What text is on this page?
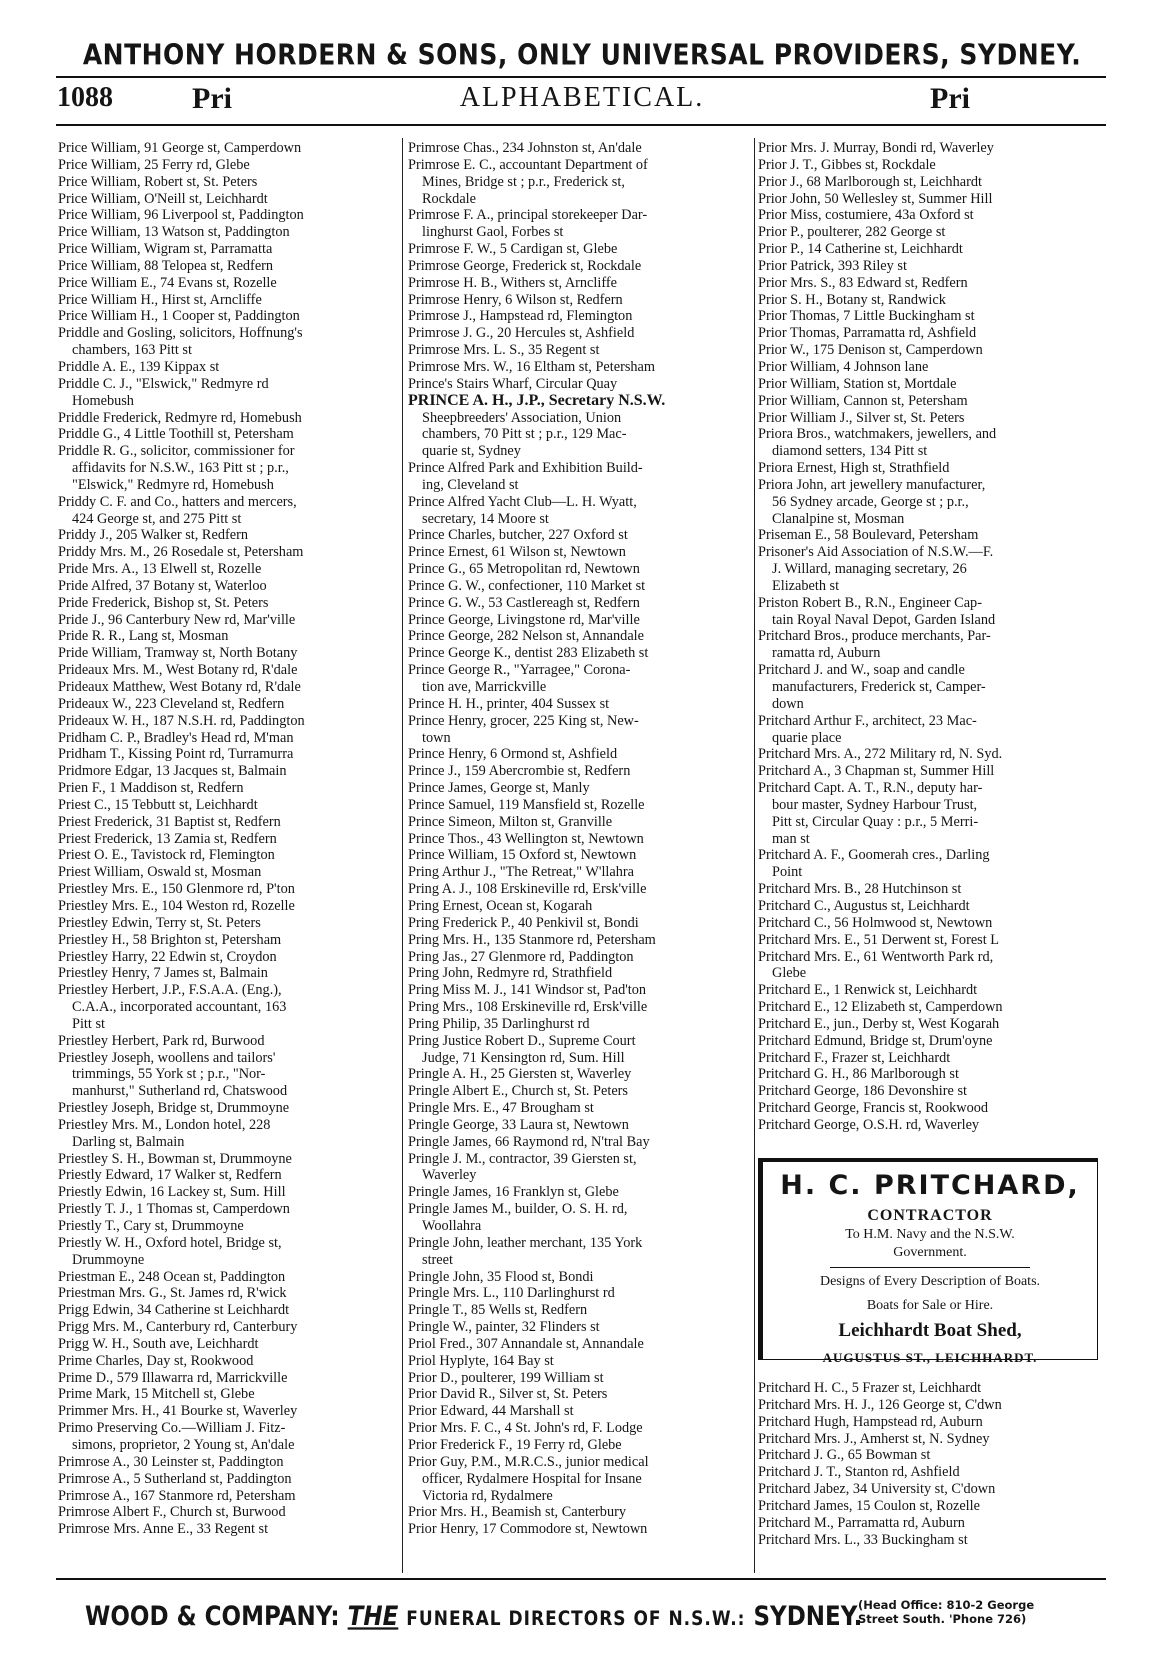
ANTHONY HORDERN & SONS, ONLY UNIVERSAL PROVIDERS, SYDNEY.
1088	Pri	ALPHABETICAL.	Pri
Price William, 91 George st, Camperdown
Price William, 25 Ferry rd, Glebe
Price William, Robert st, St. Peters
Price William, O'Neill st, Leichhardt
Price William, 96 Liverpool st, Paddington
Price William, 13 Watson st, Paddington
Price William, Wigram st, Parramatta
Price William, 88 Telopea st, Redfern
Price William E., 74 Evans st, Rozelle
Price William H., Hirst st, Arncliffe
Price William H., 1 Cooper st, Paddington
Priddle and Gosling, solicitors, Hoffnung's
chambers, 163 Pitt st
Priddle A. E., 139 Kippax st
Priddle C. J., "Elswick," Redmyre rd
Homebush
Priddle Frederick, Redmyre rd, Homebush
Priddle G., 4 Little Toothill st, Petersham
Priddle R. G., solicitor, commissioner for
affidavits for N.S.W., 163 Pitt st ; p.r.,
"Elswick," Redmyre rd, Homebush
Priddy C. F. and Co., hatters and mercers,
424 George st, and 275 Pitt st
Priddy J., 205 Walker st, Redfern
Priddy Mrs. M., 26 Rosedale st, Petersham
Pride Mrs. A., 13 Elwell st, Rozelle
Pride Alfred, 37 Botany st, Waterloo
Pride Frederick, Bishop st, St. Peters
Pride J., 96 Canterbury New rd, Mar'ville
Pride R. R., Lang st, Mosman
Pride William, Tramway st, North Botany
Prideaux Mrs. M., West Botany rd, R'dale
Prideaux Matthew, West Botany rd, R'dale
Prideaux W., 223 Cleveland st, Redfern
Prideaux W. H., 187 N.S.H. rd, Paddington
Pridham C. P., Bradley's Head rd, M'man
Pridham T., Kissing Point rd, Turramurra
Pridmore Edgar, 13 Jacques st, Balmain
Prien F., 1 Maddison st, Redfern
Priest C., 15 Tebbutt st, Leichhardt
Priest Frederick, 31 Baptist st, Redfern
Priest Frederick, 13 Zamia st, Redfern
Priest O. E., Tavistock rd, Flemington
Priest William, Oswald st, Mosman
Priestley Mrs. E., 150 Glenmore rd, P'ton
Priestley Mrs. E., 104 Weston rd, Rozelle
Priestley Edwin, Terry st, St. Peters
Priestley H., 58 Brighton st, Petersham
Priestley Harry, 22 Edwin st, Croydon
Priestley Henry, 7 James st, Balmain
Priestley Herbert, J.P., F.S.A.A. (Eng.),
C.A.A., incorporated accountant, 163
Pitt st
Priestley Herbert, Park rd, Burwood
Priestley Joseph, woollens and tailors'
trimmings, 55 York st ; p.r., "Nor-
manhurst," Sutherland rd, Chatswood
Priestley Joseph, Bridge st, Drummoyne
Priestley Mrs. M., London hotel, 228
Darling st, Balmain
Priestley S. H., Bowman st, Drummoyne
Priestly Edward, 17 Walker st, Redfern
Priestly Edwin, 16 Lackey st, Sum. Hill
Priestly T. J., 1 Thomas st, Camperdown
Priestly T., Cary st, Drummoyne
Priestly W. H., Oxford hotel, Bridge st,
Drummoyne
Priestman E., 248 Ocean st, Paddington
Priestman Mrs. G., St. James rd, R'wick
Prigg Edwin, 34 Catherine st Leichhardt
Prigg Mrs. M., Canterbury rd, Canterbury
Prigg W. H., South ave, Leichhardt
Prime Charles, Day st, Rookwood
Prime D., 579 Illawarra rd, Marrickville
Prime Mark, 15 Mitchell st, Glebe
Primmer Mrs. H., 41 Bourke st, Waverley
Primo Preserving Co.—William J. Fitz-
simons, proprietor, 2 Young st, An'dale
Primrose A., 30 Leinster st, Paddington
Primrose A., 5 Sutherland st, Paddington
Primrose A., 167 Stanmore rd, Petersham
Primrose Albert F., Church st, Burwood
Primrose Mrs. Anne E., 33 Regent st
Primrose Chas., 234 Johnston st, An'dale
Primrose E. C., accountant Department of
Mines, Bridge st ; p.r., Frederick st,
Rockdale
Primrose F. A., principal storekeeper Dar-
linghurst Gaol, Forbes st
Primrose F. W., 5 Cardigan st, Glebe
Primrose George, Frederick st, Rockdale
Primrose H. B., Withers st, Arncliffe
Primrose Henry, 6 Wilson st, Redfern
Primrose J., Hampstead rd, Flemington
Primrose J. G., 20 Hercules st, Ashfield
Primrose Mrs. L. S., 35 Regent st
Primrose Mrs. W., 16 Eltham st, Petersham
Prince's Stairs Wharf, Circular Quay
PRINCE A. H., J.P., Secretary N.S.W.
Sheepbreeders' Association, Union
chambers, 70 Pitt st ; p.r., 129 Mac-
quarie st, Sydney
Prince Alfred Park and Exhibition Build-
ing, Cleveland st
Prince Alfred Yacht Club—L. H. Wyatt,
secretary, 14 Moore st
Prince Charles, butcher, 227 Oxford st
Prince Ernest, 61 Wilson st, Newtown
Prince G., 65 Metropolitan rd, Newtown
Prince G. W., confectioner, 110 Market st
Prince G. W., 53 Castlereagh st, Redfern
Prince George, Livingstone rd, Mar'ville
Prince George, 282 Nelson st, Annandale
Prince George K., dentist 283 Elizabeth st
Prince George R., "Yarragee," Corona-
tion ave, Marrickville
Prince H. H., printer, 404 Sussex st
Prince Henry, grocer, 225 King st, New-
town
Prince Henry, 6 Ormond st, Ashfield
Prince J., 159 Abercrombie st, Redfern
Prince James, George st, Manly
Prince Samuel, 119 Mansfield st, Rozelle
Prince Simeon, Milton st, Granville
Prince Thos., 43 Wellington st, Newtown
Prince William, 15 Oxford st, Newtown
Pring Arthur J., "The Retreat," W'llahra
Pring A. J., 108 Erskineville rd, Ersk'ville
Pring Ernest, Ocean st, Kogarah
Pring Frederick P., 40 Penkivil st, Bondi
Pring Mrs. H., 135 Stanmore rd, Petersham
Pring Jas., 27 Glenmore rd, Paddington
Pring John, Redmyre rd, Strathfield
Pring Miss M. J., 141 Windsor st, Pad'ton
Pring Mrs., 108 Erskineville rd, Ersk'ville
Pring Philip, 35 Darlinghurst rd
Pring Justice Robert D., Supreme Court
Judge, 71 Kensington rd, Sum. Hill
Pringle A. H., 25 Giersten st, Waverley
Pringle Albert E., Church st, St. Peters
Pringle Mrs. E., 47 Brougham st
Pringle George, 33 Laura st, Newtown
Pringle James, 66 Raymond rd, N'tral Bay
Pringle J. M., contractor, 39 Giersten st,
Waverley
Pringle James, 16 Franklyn st, Glebe
Pringle James M., builder, O. S. H. rd,
Woollahra
Pringle John, leather merchant, 135 York
street
Pringle John, 35 Flood st, Bondi
Pringle Mrs. L., 110 Darlinghurst rd
Pringle T., 85 Wells st, Redfern
Pringle W., painter, 32 Flinders st
Priol Fred., 307 Annandale st, Annandale
Priol Hyplyte, 164 Bay st
Prior D., poulterer, 199 William st
Prior David R., Silver st, St. Peters
Prior Edward, 44 Marshall st
Prior Mrs. F. C., 4 St. John's rd, F. Lodge
Prior Frederick F., 19 Ferry rd, Glebe
Prior Guy, P.M., M.R.C.S., junior medical
officer, Rydalmere Hospital for Insane
Victoria rd, Rydalmere
Prior Mrs. H., Beamish st, Canterbury
Prior Henry, 17 Commodore st, Newtown
Prior Mrs. J. Murray, Bondi rd, Waverley
Prior J. T., Gibbes st, Rockdale
Prior J., 68 Marlborough st, Leichhardt
Prior John, 50 Wellesley st, Summer Hill
Prior Miss, costumiere, 43a Oxford st
Prior P., poulterer, 282 George st
Prior P., 14 Catherine st, Leichhardt
Prior Patrick, 393 Riley st
Prior Mrs. S., 83 Edward st, Redfern
Prior S. H., Botany st, Randwick
Prior Thomas, 7 Little Buckingham st
Prior Thomas, Parramatta rd, Ashfield
Prior W., 175 Denison st, Camperdown
Prior William, 4 Johnson lane
Prior William, Station st, Mortdale
Prior William, Cannon st, Petersham
Prior William J., Silver st, St. Peters
Priora Bros., watchmakers, jewellers, and
diamond setters, 134 Pitt st
Priora Ernest, High st, Strathfield
Priora John, art jewellery manufacturer,
56 Sydney arcade, George st ; p.r.,
Clanalpine st, Mosman
Priseman E., 58 Boulevard, Petersham
Prisoner's Aid Association of N.S.W.—F.
J. Willard, managing secretary, 26
Elizabeth st
Priston Robert B., R.N., Engineer Cap-
tain Royal Naval Depot, Garden Island
Pritchard Bros., produce merchants, Par-
ramatta rd, Auburn
Pritchard J. and W., soap and candle
manufacturers, Frederick st, Camper-
down
Pritchard Arthur F., architect, 23 Mac-
quarie place
Pritchard Mrs. A., 272 Military rd, N. Syd.
Pritchard A., 3 Chapman st, Summer Hill
Pritchard Capt. A. T., R.N., deputy har-
bour master, Sydney Harbour Trust,
Pitt st, Circular Quay : p.r., 5 Merri-
man st
Pritchard A. F., Goomerah cres., Darling
Point
Pritchard Mrs. B., 28 Hutchinson st
Pritchard C., Augustus st, Leichhardt
Pritchard C., 56 Holmwood st, Newtown
Pritchard Mrs. E., 51 Derwent st, Forest L
Pritchard Mrs. E., 61 Wentworth Park rd,
Glebe
Pritchard E., 1 Renwick st, Leichhardt
Pritchard E., 12 Elizabeth st, Camperdown
Pritchard E., jun., Derby st, West Kogarah
Pritchard Edmund, Bridge st, Drum'oyne
Pritchard F., Frazer st, Leichhardt
Pritchard G. H., 86 Marlborough st
Pritchard George, 186 Devonshire st
Pritchard George, Francis st, Rookwood
Pritchard George, O.S.H. rd, Waverley
H. C. PRITCHARD,
CONTRACTOR
To H.M. Navy and the N.S.W.
Government.
Designs of Every Description of Boats.
Boats for Sale or Hire.
Leichhardt Boat Shed,
AUGUSTUS ST., LEICHHARDT.
Pritchard H. C., 5 Frazer st, Leichhardt
Pritchard Mrs. H. J., 126 George st, C'dwn
Pritchard Hugh, Hampstead rd, Auburn
Pritchard Mrs. J., Amherst st, N. Sydney
Pritchard J. G., 65 Bowman st
Pritchard J. T., Stanton rd, Ashfield
Pritchard Jabez, 34 University st, C'down
Pritchard James, 15 Coulon st, Rozelle
Pritchard M., Parramatta rd, Auburn
Pritchard Mrs. L., 33 Buckingham st
WOOD & COMPANY: THE FUNERAL DIRECTORS OF N.S.W.: SYDNEY.
(Head Office: 810-2 George
Street South. 'Phone 726)
